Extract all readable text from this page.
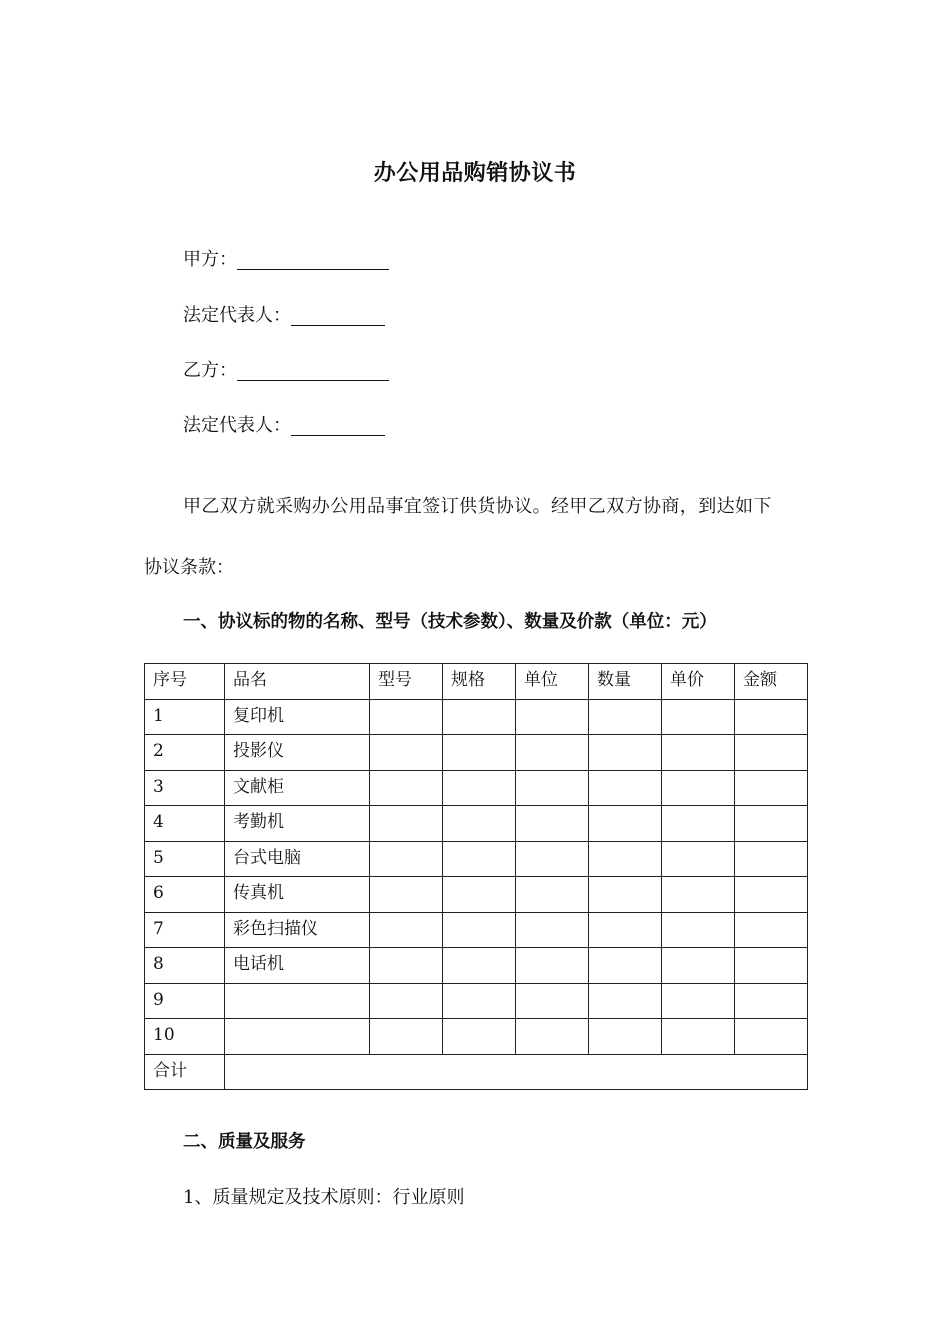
办公用品购销协议书
甲方：
法定代表人：
乙方：
法定代表人：
甲乙双方就采购办公用品事宜签订供货协议。经甲乙双方协商，到达如下
协议条款：
一、协议标的物的名称、型号（技术参数）、数量及价款（单位：元）
序号	品名	型号	规格	单位	数量	单价	金额
1	复印机						
2	投影仪						
3	文献柜						
4	考勤机						
5	台式电脑						
6	传真机						
7	彩色扫描仪						
8	电话机						
9							
10							
合计							
二、质量及服务
1、质量规定及技术原则：行业原则
